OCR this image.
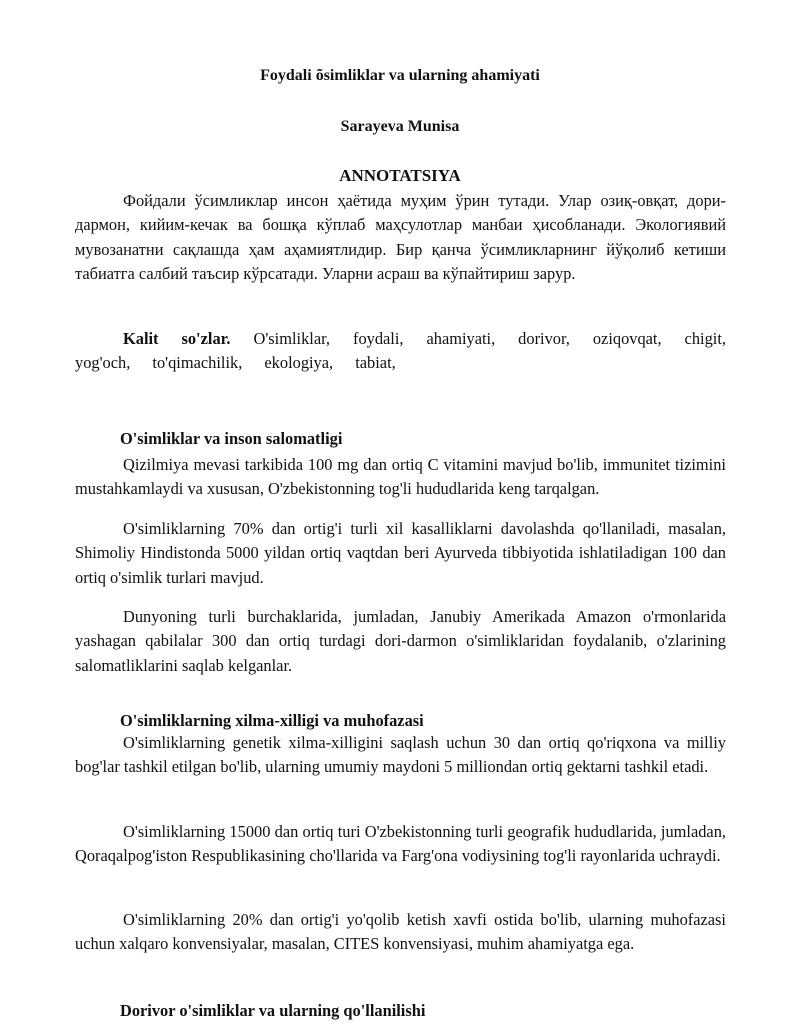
Foydali õsimliklar va ularning ahamiyati
Sarayeva Munisa
ANNOTATSIYA

Фойдали ўсимликлар инсон ҳаётида муҳим ўрин тутади. Улар озиқ-овқат, дори-дармон, кийим-кечак ва бошқа кўплаб маҳсулотлар манбаи ҳисобланади. Экологиявий мувозанатни сақлашда ҳам аҳамиятлидир. Бир қанча ўсимликларнинг йўқолиб кетиши табиатга салбий таъсир кўрсатади. Уларни асраш ва кўпайтириш зарур.

Kalit so'zlar. O'simliklar, foydali, ahamiyati, dorivor, oziqovqat, chigit, yog'och, to'qimachilik, ekologiya, tabiat,

O'simliklar va inson salomatligi

Qizilmiya mevasi tarkibida 100 mg dan ortiq C vitamini mavjud bo'lib, immunitet tizimini mustahkamlaydi va xususan, O'zbekistonning tog'li hududlarida keng tarqalgan.

O'simliklarning 70% dan ortig'i turli xil kasalliklarni davolashda qo'llaniladi, masalan, Shimoliy Hindistonda 5000 yildan ortiq vaqtdan beri Ayurveda tibbiyotida ishlatiladigan 100 dan ortiq o'simlik turlari mavjud.

Dunyoning turli burchaklarida, jumladan, Janubiy Amerikada Amazon o'rmonlarida yashagan qabilalar 300 dan ortiq turdagi dori-darmon o'simliklaridan foydalanib, o'zlarining salomatliklarini saqlab kelganlar.

O'simliklarning xilma-xilligi va muhofazasi

O'simliklarning genetik xilma-xilligini saqlash uchun 30 dan ortiq qo'riqxona va milliy bog'lar tashkil etilgan bo'lib, ularning umumiy maydoni 5 milliondan ortiq gektarni tashkil etadi.

O'simliklarning 15000 dan ortiq turi O'zbekistonning turli geografik hududlarida, jumladan, Qoraqalpog'iston Respublikasining cho'llarida va Farg'ona vodiysining tog'li rayonlarida uchraydi.

O'simliklarning 20% dan ortig'i yo'qolib ketish xavfi ostida bo'lib, ularning muhofazasi uchun xalqaro konvensiyalar, masalan, CITES konvensiyasi, muhim ahamiyatga ega.

Dorivor o'simliklar va ularning qo'llanilishi
